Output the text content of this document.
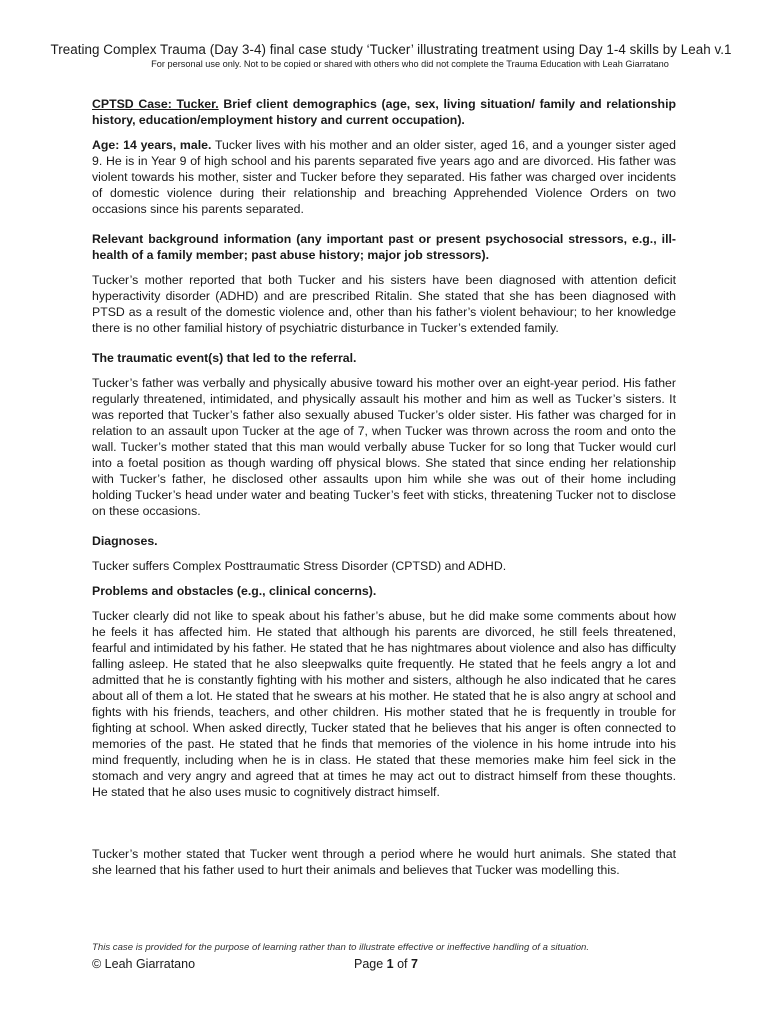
Treating Complex Trauma (Day 3-4) final case study ‘Tucker’ illustrating treatment using Day 1-4 skills by Leah v.1
For personal use only. Not to be copied or shared with others who did not complete the Trauma Education with Leah Giarratano

CPTSD Case: Tucker. Brief client demographics (age, sex, living situation/ family and relationship history, education/employment history and current occupation).

Age: 14 years, male. Tucker lives with his mother and an older sister, aged 16, and a younger sister aged 9. He is in Year 9 of high school and his parents separated five years ago and are divorced. His father was violent towards his mother, sister and Tucker before they separated. His father was charged over incidents of domestic violence during their relationship and breaching Apprehended Violence Orders on two occasions since his parents separated.

Relevant background information (any important past or present psychosocial stressors, e.g., ill-health of a family member; past abuse history; major job stressors).

Tucker’s mother reported that both Tucker and his sisters have been diagnosed with attention deficit hyperactivity disorder (ADHD) and are prescribed Ritalin. She stated that she has been diagnosed with PTSD as a result of the domestic violence and, other than his father’s violent behaviour; to her knowledge there is no other familial history of psychiatric disturbance in Tucker’s extended family.

The traumatic event(s) that led to the referral.

Tucker’s father was verbally and physically abusive toward his mother over an eight-year period. His father regularly threatened, intimidated, and physically assault his mother and him as well as Tucker’s sisters. It was reported that Tucker’s father also sexually abused Tucker’s older sister. His father was charged for in relation to an assault upon Tucker at the age of 7, when Tucker was thrown across the room and onto the wall. Tucker’s mother stated that this man would verbally abuse Tucker for so long that Tucker would curl into a foetal position as though warding off physical blows. She stated that since ending her relationship with Tucker’s father, he disclosed other assaults upon him while she was out of their home including holding Tucker’s head under water and beating Tucker’s feet with sticks, threatening Tucker not to disclose on these occasions.

Diagnoses.

Tucker suffers Complex Posttraumatic Stress Disorder (CPTSD) and ADHD.

Problems and obstacles (e.g., clinical concerns).

Tucker clearly did not like to speak about his father’s abuse, but he did make some comments about how he feels it has affected him. He stated that although his parents are divorced, he still feels threatened, fearful and intimidated by his father. He stated that he has nightmares about violence and also has difficulty falling asleep. He stated that he also sleepwalks quite frequently. He stated that he feels angry a lot and admitted that he is constantly fighting with his mother and sisters, although he also indicated that he cares about all of them a lot. He stated that he swears at his mother. He stated that he is also angry at school and fights with his friends, teachers, and other children. His mother stated that he is frequently in trouble for fighting at school. When asked directly, Tucker stated that he believes that his anger is often connected to memories of the past. He stated that he finds that memories of the violence in his home intrude into his mind frequently, including when he is in class. He stated that these memories make him feel sick in the stomach and very angry and agreed that at times he may act out to distract himself from these thoughts. He stated that he also uses music to cognitively distract himself.

Tucker’s mother stated that Tucker went through a period where he would hurt animals. She stated that she learned that his father used to hurt their animals and believes that Tucker was modelling this.

This case is provided for the purpose of learning rather than to illustrate effective or ineffective handling of a situation.
© Leah Giarratano	Page 1 of 7
